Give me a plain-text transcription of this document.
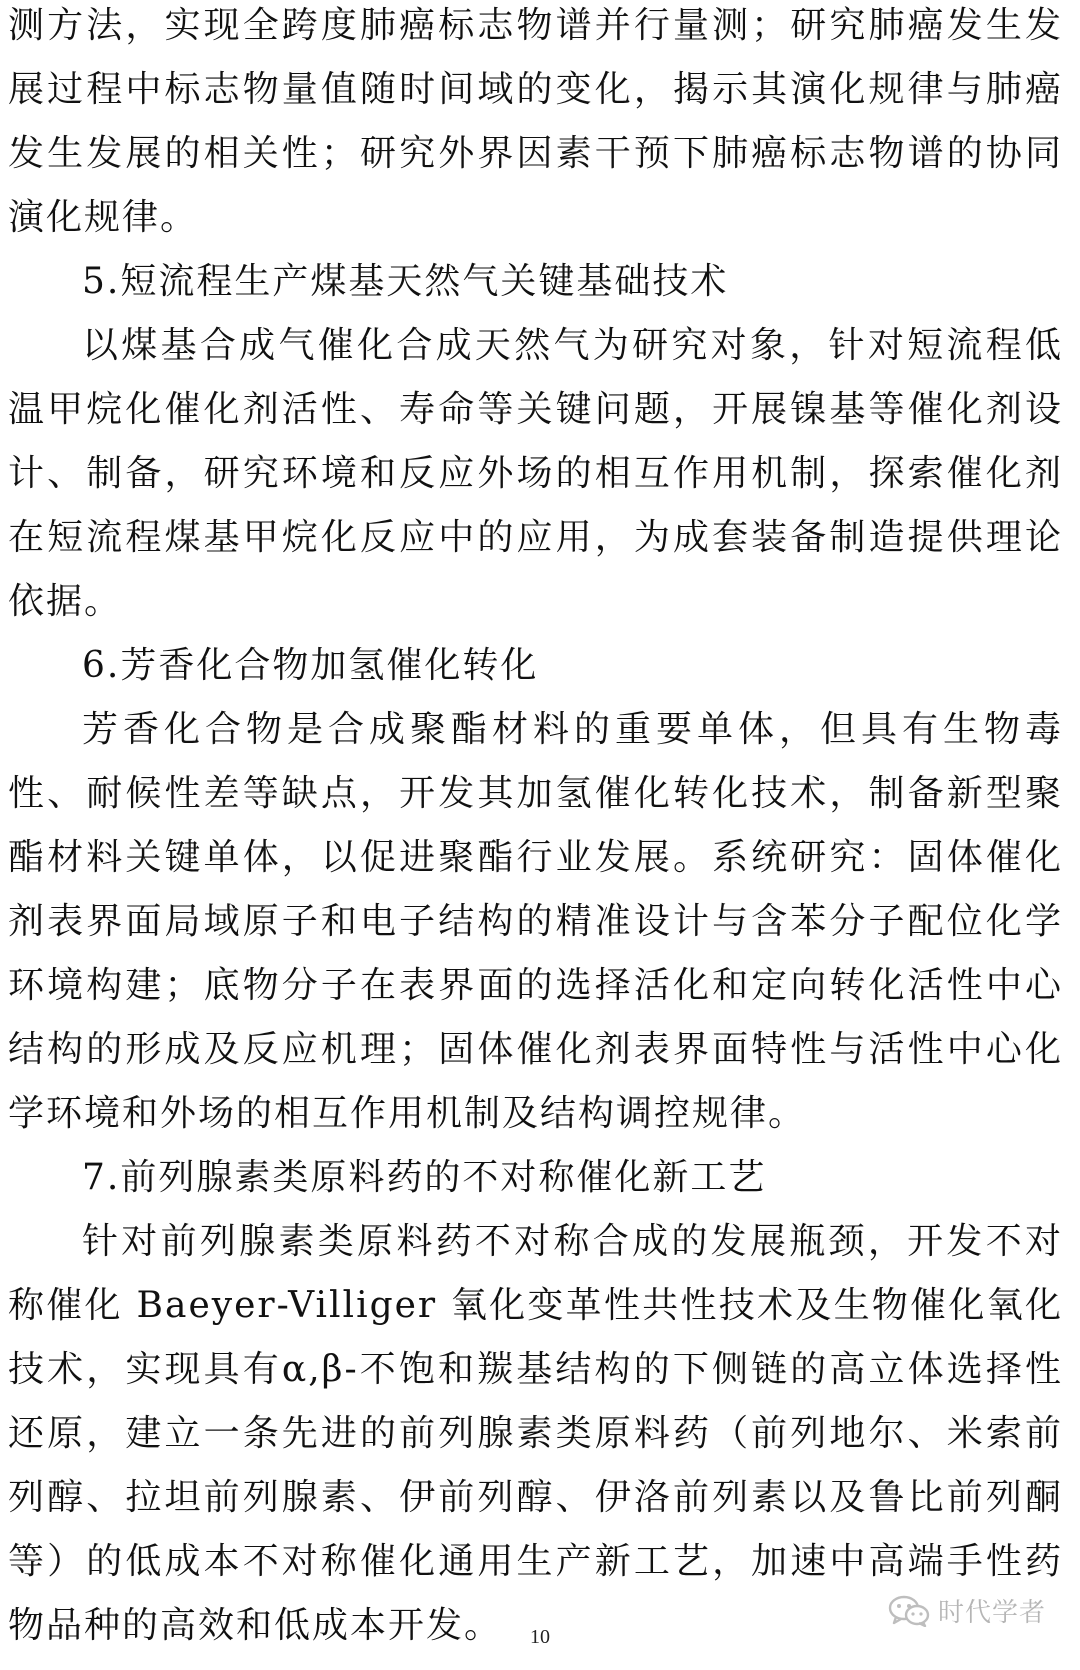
测方法，实现全跨度肺癌标志物谱并行量测；研究肺癌发生发展过程中标志物量值随时间域的变化，揭示其演化规律与肺癌发生发展的相关性；研究外界因素干预下肺癌标志物谱的协同演化规律。

5.短流程生产煤基天然气关键基础技术

以煤基合成气催化合成天然气为研究对象，针对短流程低温甲烷化催化剂活性、寿命等关键问题，开展镍基等催化剂设计、制备，研究环境和反应外场的相互作用机制，探索催化剂在短流程煤基甲烷化反应中的应用，为成套装备制造提供理论依据。

6.芳香化合物加氢催化转化

芳香化合物是合成聚酯材料的重要单体，但具有生物毒性、耐候性差等缺点，开发其加氢催化转化技术，制备新型聚酯材料关键单体，以促进聚酯行业发展。系统研究：固体催化剂表界面局域原子和电子结构的精准设计与含苯分子配位化学环境构建；底物分子在表界面的选择活化和定向转化活性中心结构的形成及反应机理；固体催化剂表界面特性与活性中心化学环境和外场的相互作用机制及结构调控规律。

7.前列腺素类原料药的不对称催化新工艺

针对前列腺素类原料药不对称合成的发展瓶颈，开发不对称催化 Baeyer-Villiger 氧化变革性共性技术及生物催化氧化技术，实现具有α,β-不饱和羰基结构的下侧链的高立体选择性还原，建立一条先进的前列腺素类原料药（前列地尔、米索前列醇、拉坦前列腺素、伊前列醇、伊洛前列素以及鲁比前列酮等）的低成本不对称催化通用生产新工艺，加速中高端手性药物品种的高效和低成本开发。	时代学者
10
